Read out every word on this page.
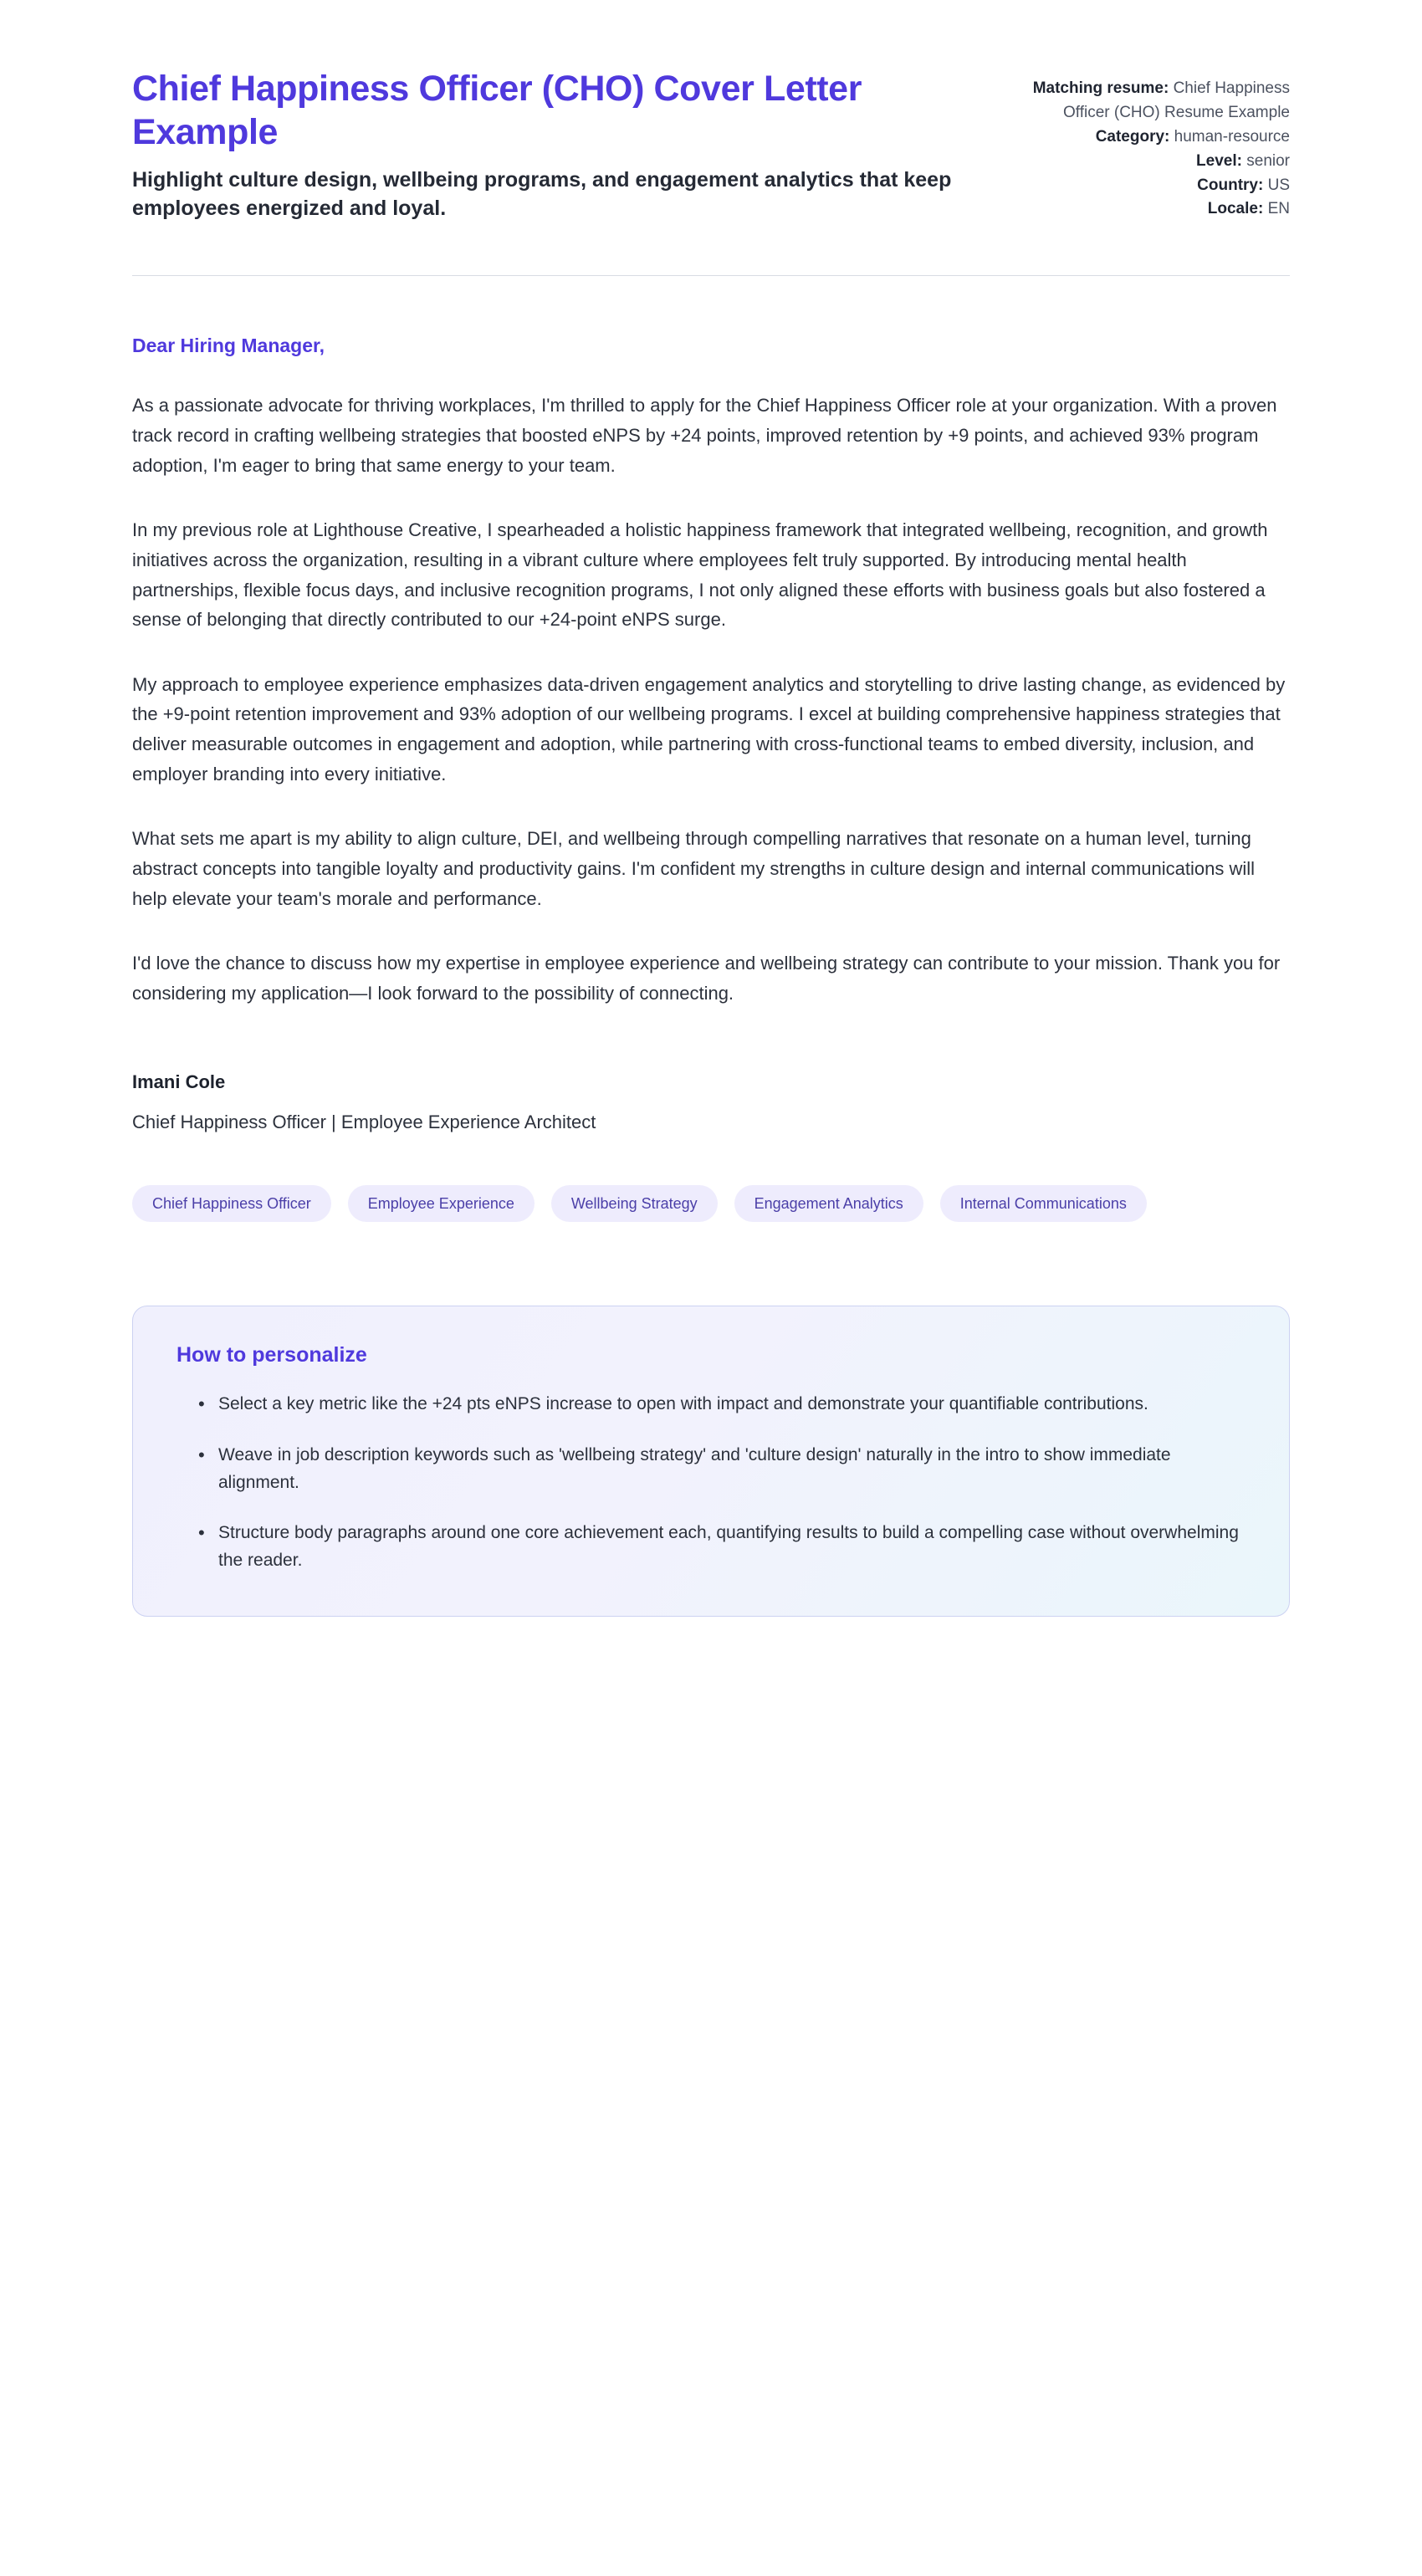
Chief Happiness Officer (CHO) Cover Letter Example

Highlight culture design, wellbeing programs, and engagement analytics that keep employees energized and loyal.

Matching resume: Chief Happiness Officer (CHO) Resume Example
Category: human-resource
Level: senior
Country: US
Locale: EN
Dear Hiring Manager,

As a passionate advocate for thriving workplaces, I'm thrilled to apply for the Chief Happiness Officer role at your organization. With a proven track record in crafting wellbeing strategies that boosted eNPS by +24 points, improved retention by +9 points, and achieved 93% program adoption, I'm eager to bring that same energy to your team.

In my previous role at Lighthouse Creative, I spearheaded a holistic happiness framework that integrated wellbeing, recognition, and growth initiatives across the organization, resulting in a vibrant culture where employees felt truly supported. By introducing mental health partnerships, flexible focus days, and inclusive recognition programs, I not only aligned these efforts with business goals but also fostered a sense of belonging that directly contributed to our +24-point eNPS surge.

My approach to employee experience emphasizes data-driven engagement analytics and storytelling to drive lasting change, as evidenced by the +9-point retention improvement and 93% adoption of our wellbeing programs. I excel at building comprehensive happiness strategies that deliver measurable outcomes in engagement and adoption, while partnering with cross-functional teams to embed diversity, inclusion, and employer branding into every initiative.

What sets me apart is my ability to align culture, DEI, and wellbeing through compelling narratives that resonate on a human level, turning abstract concepts into tangible loyalty and productivity gains. I'm confident my strengths in culture design and internal communications will help elevate your team's morale and performance.

I'd love the chance to discuss how my expertise in employee experience and wellbeing strategy can contribute to your mission. Thank you for considering my application—I look forward to the possibility of connecting.

Imani Cole
Chief Happiness Officer | Employee Experience Architect
Chief Happiness Officer	Employee Experience	Wellbeing Strategy	Engagement Analytics	Internal Communications
How to personalize
• Select a key metric like the +24 pts eNPS increase to open with impact and demonstrate your quantifiable contributions.
• Weave in job description keywords such as 'wellbeing strategy' and 'culture design' naturally in the intro to show immediate alignment.
• Structure body paragraphs around one core achievement each, quantifying results to build a compelling case without overwhelming the reader.
